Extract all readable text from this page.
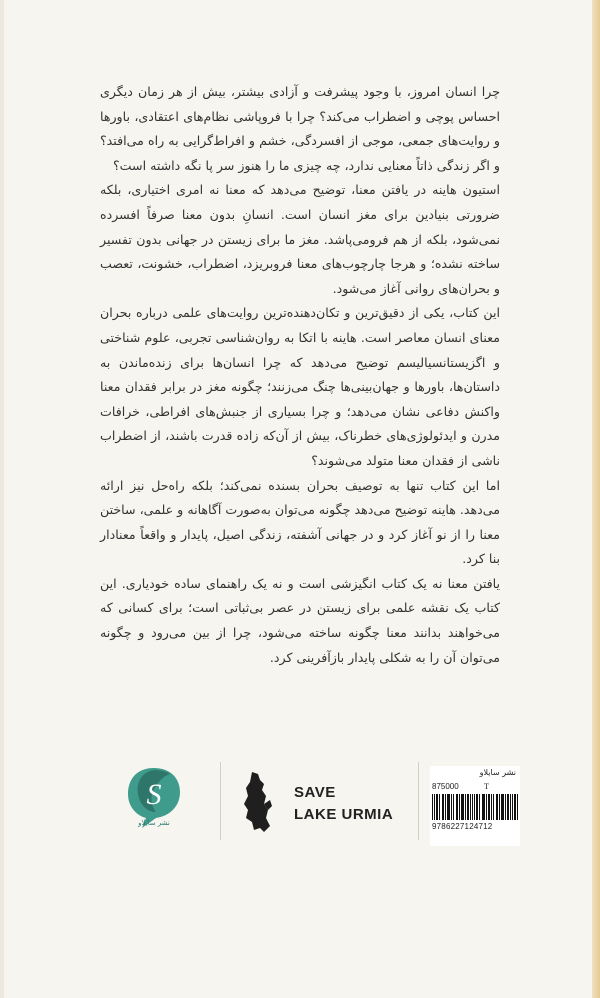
چرا انسان امروز، با وجود پیشرفت و آزادی بیشتر، بیش از هر زمان دیگری احساس پوچی و اضطراب می‌کند؟ چرا با فروپاشی نظام‌های اعتقادی، باورها و روایت‌های جمعی، موجی از افسردگی، خشم و افراط‌گرایی به راه می‌افتد؟ و اگر زندگی ذاتاً معنایی ندارد، چه چیزی ما را هنوز سر پا نگه داشته است؟

استیون هاینه در یافتن معنا، توضیح می‌دهد که معنا نه امری اختیاری، بلکه ضرورتی بنیادین برای مغز انسان است. انسانِ بدون معنا صرفاً افسرده نمی‌شود، بلکه از هم فرومی‌پاشد. مغز ما برای زیستن در جهانی بدون تفسیر ساخته نشده؛ و هرجا چارچوب‌های معنا فروبریزد، اضطراب، خشونت، تعصب و بحران‌های روانی آغاز می‌شود.

این کتاب، یکی از دقیق‌ترین و تکان‌دهنده‌ترین روایت‌های علمی درباره بحران معنای انسان معاصر است. هاینه با اتکا به روان‌شناسی تجربی، علوم شناختی و اگزیستانسیالیسم توضیح می‌دهد که چرا انسان‌ها برای زنده‌ماندن به داستان‌ها، باورها و جهان‌بینی‌ها چنگ می‌زنند؛ چگونه مغز در برابر فقدان معنا واکنش دفاعی نشان می‌دهد؛ و چرا بسیاری از جنبش‌های افراطی، خرافات مدرن و ایدئولوژی‌های خطرناک، بیش از آن‌که زاده قدرت باشند، از اضطراب ناشی از فقدان معنا متولد می‌شوند؟

اما این کتاب تنها به توصیف بحران بسنده نمی‌کند؛ بلکه راه‌حل نیز ارائه می‌دهد. هاینه توضیح می‌دهد چگونه می‌توان به‌صورت آگاهانه و علمی، ساختن معنا را از نو آغاز کرد و در جهانی آشفته، زندگی اصیل، پایدار و واقعاً معنادار بنا کرد.

یافتن معنا نه یک کتاب انگیزشی است و نه یک راهنمای ساده خودیاری. این کتاب یک نقشه علمی برای زیستن در عصر بی‌ثباتی است؛ برای کسانی که می‌خواهند بدانند معنا چگونه ساخته می‌شود، چرا از بین می‌رود و چگونه می‌توان آن را به شکلی پایدار بازآفرینی کرد.

S
نشر سایلاو
SAVE
LAKE URMIA
نشر سایلاو
875000	T
9786227124712
